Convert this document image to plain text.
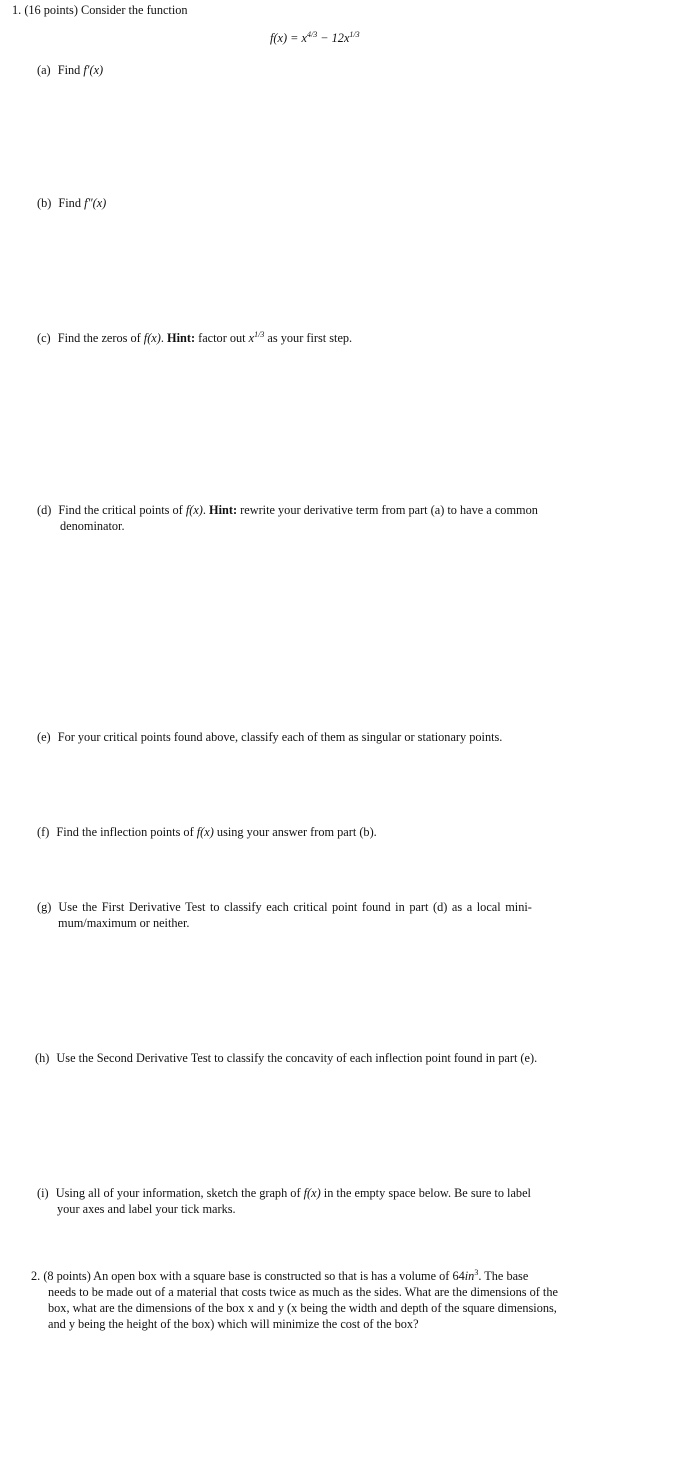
1. (16 points) Consider the function
$f(x) = x^{4/3} - 12x^{1/3}$
(a) Find f′(x)
(b) Find f″(x)
(c) Find the zeros of f(x). Hint: factor out $x^{1/3}$ as your first step.
(d) Find the critical points of f(x). Hint: rewrite your derivative term from part (a) to have a common
denominator.
(e) For your critical points found above, classify each of them as singular or stationary points.
(f) Find the inflection points of f(x) using your answer from part (b).
(g) Use the First Derivative Test to classify each critical point found in part (d) as a local mini-
mum/maximum or neither.
(h) Use the Second Derivative Test to classify the concavity of each inflection point found in part (e).
(i) Using all of your information, sketch the graph of f(x) in the empty space below. Be sure to label
your axes and label your tick marks.
2. (8 points) An open box with a square base is constructed so that is has a volume of $64in^3$. The base
needs to be made out of a material that costs twice as much as the sides. What are the dimensions of the
box, what are the dimensions of the box x and y (x being the width and depth of the square dimensions,
and y being the height of the box) which will minimize the cost of the box?
